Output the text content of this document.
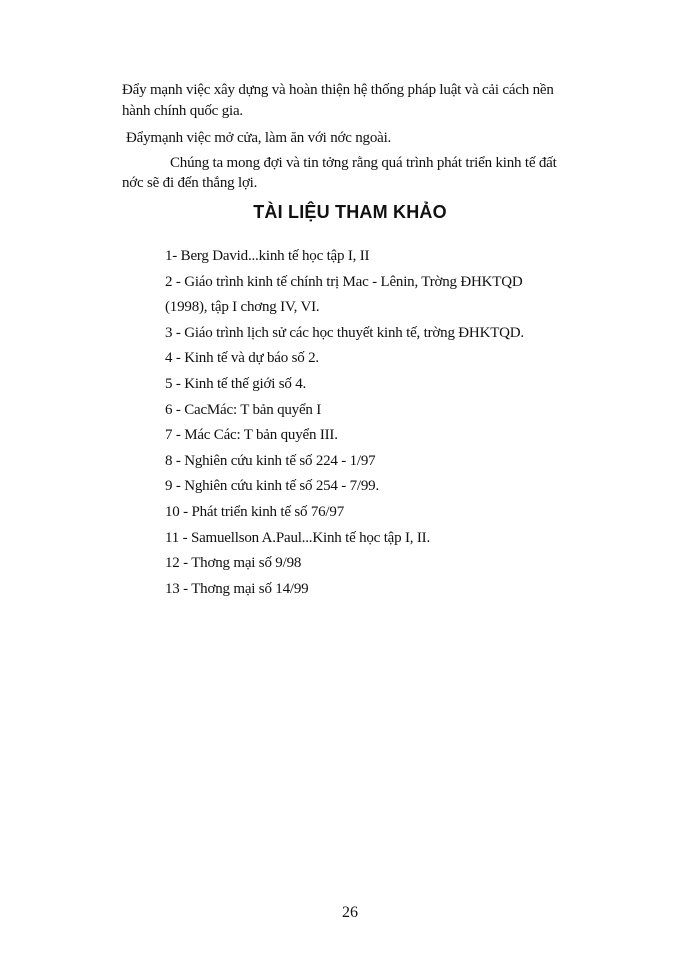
Đẩy mạnh việc xây dựng và hoàn thiện hệ thống pháp luật và cải cách nền
hành chính quốc gia.
Đẩymạnh việc mở cửa, làm ăn với nớc ngoài.
Chúng ta mong đợi và tin tởng rằng quá trình phát triển kinh tế đất
nớc sẽ đi đến thắng lợi.
TÀI LIỆU THAM KHẢO
1- Berg David...kinh tế học tập I, II
2 - Giáo trình kinh tế chính trị Mac - Lênin, Trờng ĐHKTQD
(1998), tập I chơng IV, VI.
3 - Giáo trình lịch sử các học thuyết kinh tế, trờng ĐHKTQD.
4 - Kinh tế và dự báo số 2.
5 - Kinh tế thế giới số 4.
6 - CacMác: T bản quyển I
7 - Mác Các: T bản quyển III.
8 - Nghiên cứu kinh tế số 224 - 1/97
9 - Nghiên cứu kinh tế số 254 - 7/99.
10 - Phát triển kinh tế số 76/97
11 - Samuellson A.Paul...Kinh tế học tập I, II.
12 - Thơng mại số 9/98
13 - Thơng mại số 14/99
26
